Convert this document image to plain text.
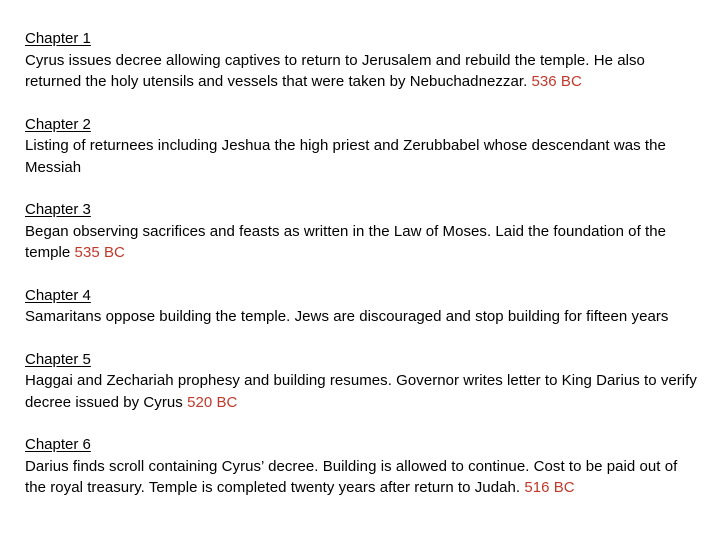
Chapter 1
Cyrus issues decree allowing captives to return to Jerusalem and rebuild the temple. He also returned the holy utensils and vessels that were taken by Nebuchadnezzar. 536 BC
Chapter 2
Listing of returnees including Jeshua the high priest and Zerubbabel whose descendant was the Messiah
Chapter 3
Began observing sacrifices and feasts as written in the Law of Moses. Laid the foundation of the temple 535 BC
Chapter 4
Samaritans oppose building the temple. Jews are discouraged and stop building for fifteen years
Chapter 5
Haggai and Zechariah prophesy and building resumes. Governor writes letter to King Darius to verify decree issued by Cyrus 520 BC
Chapter 6
Darius finds scroll containing Cyrus’ decree. Building is allowed to continue. Cost to be paid out of the royal treasury. Temple is completed twenty years after return to Judah. 516 BC
